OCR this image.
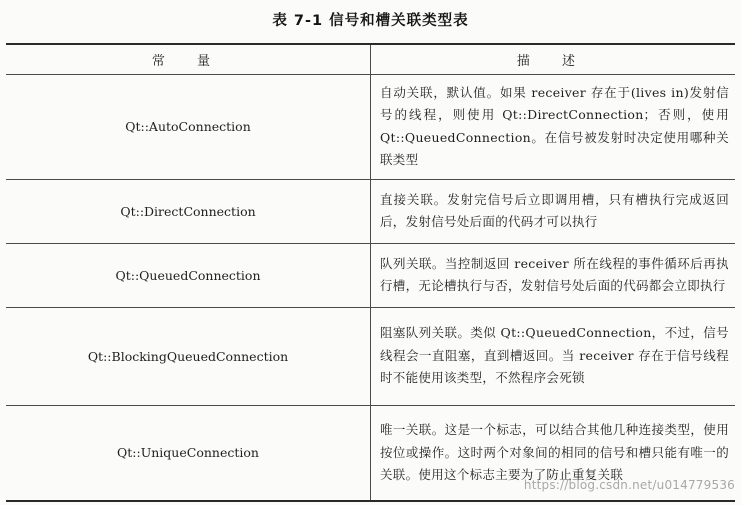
表 7-1 信号和槽关联类型表
常 量	描 述
Qt::AutoConnection	自动关联，默认值。如果 receiver 存在于(lives in)发射信号的线程，则使用 Qt::DirectConnection；否则，使用 Qt::QueuedConnection。在信号被发射时决定使用哪种关联类型
Qt::DirectConnection	直接关联。发射完信号后立即调用槽，只有槽执行完成返回后，发射信号处后面的代码才可以执行
Qt::QueuedConnection	队列关联。当控制返回 receiver 所在线程的事件循环后再执行槽，无论槽执行与否，发射信号处后面的代码都会立即执行
Qt::BlockingQueuedConnection	阻塞队列关联。类似 Qt::QueuedConnection，不过，信号线程会一直阻塞，直到槽返回。当 receiver 存在于信号线程时不能使用该类型，不然程序会死锁
Qt::UniqueConnection	唯一关联。这是一个标志，可以结合其他几种连接类型，使用按位或操作。这时两个对象间的相同的信号和槽只能有唯一的关联。使用这个标志主要为了防止重复关联
https://blog.csdn.net/u014779536
